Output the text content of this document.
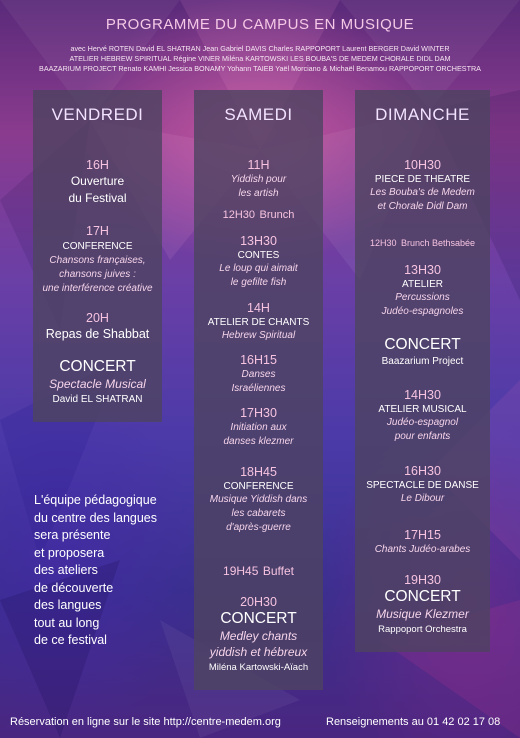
PROGRAMME DU CAMPUS EN MUSIQUE
avec Hervé ROTEN David EL SHATRAN Jean Gabriel DAVIS Charles RAPPOPORT Laurent BERGER David WINTER
ATELIER HEBREW SPIRITUAL Régine VINER Miléna KARTOWSKI LES BOUBA'S DE MEDEM CHORALE DIDL DAM
BAAZARIUM PROJECT Renato KAMHI Jessica BONAMY Yohann TAIEB Yaël Morciano & Michaël Benamou RAPPOPORT ORCHESTRA
VENDREDI
16H
Ouverture
du Festival
17H
CONFERENCE
Chansons françaises,
chansons juives :
une interférence créative
20H
Repas de Shabbat
CONCERT
Spectacle Musical
David EL SHATRAN
SAMEDI
11H
Yiddish pour
les artish
12H30 Brunch
13H30
CONTES
Le loup qui aimait
le gefilte fish
14H
ATELIER DE CHANTS
Hebrew Spiritual
16H15
Danses
Israéliennes
17H30
Initiation aux
danses klezmer
18H45
CONFERENCE
Musique Yiddish dans
les cabarets
d'après-guerre
19H45 Buffet
20H30
CONCERT
Medley chants
yiddish et hébreux
Miléna Kartowski-Aïach
DIMANCHE
10H30
PIECE DE THEATRE
Les Bouba's de Medem
et Chorale Didl Dam
12H30 Brunch Bethsabée
13H30
ATELIER
Percussions
Judéo-espagnoles
CONCERT
Baazarium Project
14H30
ATELIER MUSICAL
Judéo-espagnol
pour enfants
16H30
SPECTACLE DE DANSE
Le Dibour
17H15
Chants Judéo-arabes
19H30
CONCERT
Musique Klezmer
Rappoport Orchestra
L'équipe pédagogique
du centre des langues
sera présente
et proposera
des ateliers
de découverte
des langues
tout au long
de ce festival
Réservation en ligne sur le site http://centre-medem.org	Renseignements au 01 42 02 17 08
